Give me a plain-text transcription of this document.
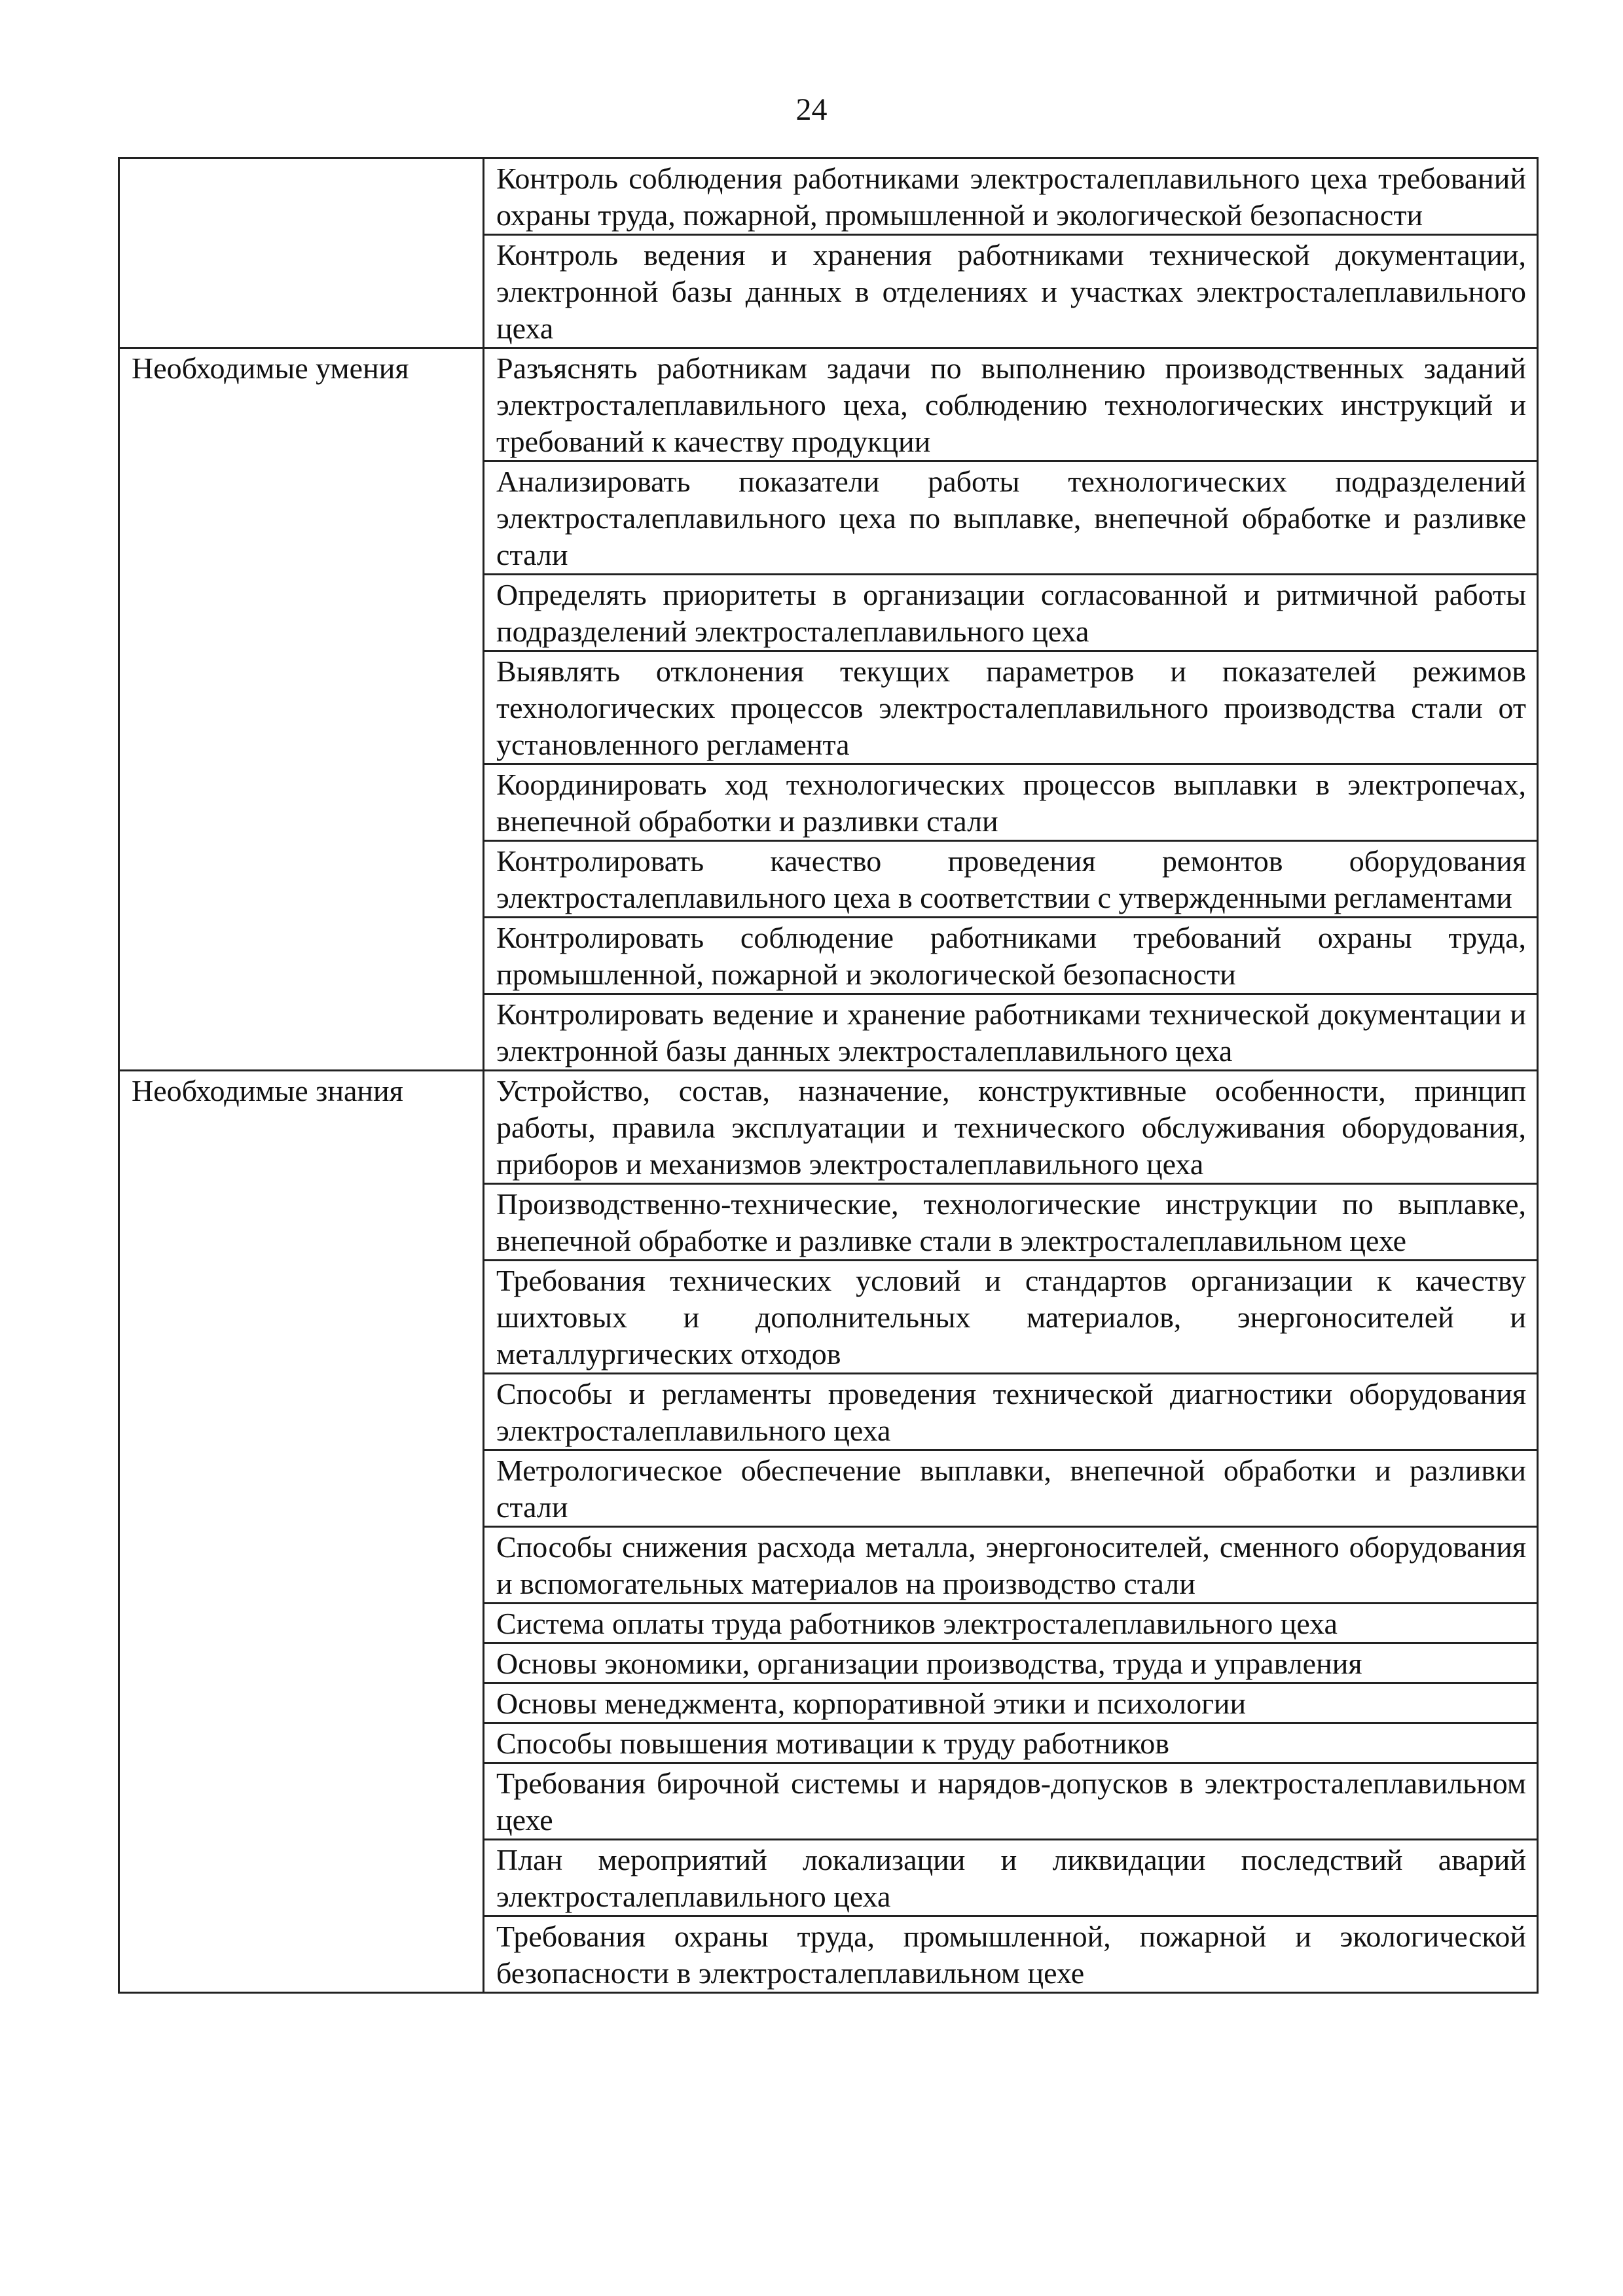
24
	Контроль соблюдения работниками электросталеплавильного цеха требований охраны труда, пожарной, промышленной и экологической безопасности
	Контроль ведения и хранения работниками технической документации, электронной базы данных в отделениях и участках электросталеплавильного цеха
Необходимые умения	Разъяснять работникам задачи по выполнению производственных заданий электросталеплавильного цеха, соблюдению технологических инструкций и требований к качеству продукции
	Анализировать показатели работы технологических подразделений электросталеплавильного цеха по выплавке, внепечной обработке и разливке стали
	Определять приоритеты в организации согласованной и ритмичной работы подразделений электросталеплавильного цеха
	Выявлять отклонения текущих параметров и показателей режимов технологических процессов электросталеплавильного производства стали от установленного регламента
	Координировать ход технологических процессов выплавки в электропечах, внепечной обработки и разливки стали
	Контролировать качество проведения ремонтов оборудования электросталеплавильного цеха в соответствии с утвержденными регламентами
	Контролировать соблюдение работниками требований охраны труда, промышленной, пожарной и экологической безопасности
	Контролировать ведение и хранение работниками технической документации и электронной базы данных электросталеплавильного цеха
Необходимые знания	Устройство, состав, назначение, конструктивные особенности, принцип работы, правила эксплуатации и технического обслуживания оборудования, приборов и механизмов электросталеплавильного цеха
	Производственно-технические, технологические инструкции по выплавке, внепечной обработке и разливке стали в электросталеплавильном цехе
	Требования технических условий и стандартов организации к качеству шихтовых и дополнительных материалов, энергоносителей и металлургических отходов
	Способы и регламенты проведения технической диагностики оборудования электросталеплавильного цеха
	Метрологическое обеспечение выплавки, внепечной обработки и разливки стали
	Способы снижения расхода металла, энергоносителей, сменного оборудования и вспомогательных материалов на производство стали
	Система оплаты труда работников электросталеплавильного цеха
	Основы экономики, организации производства, труда и управления
	Основы менеджмента, корпоративной этики и психологии
	Способы повышения мотивации к труду работников
	Требования бирочной системы и нарядов-допусков в электросталеплавильном цехе
	План мероприятий локализации и ликвидации последствий аварий электросталеплавильного цеха
	Требования охраны труда, промышленной, пожарной и экологической безопасности в электросталеплавильном цехе
